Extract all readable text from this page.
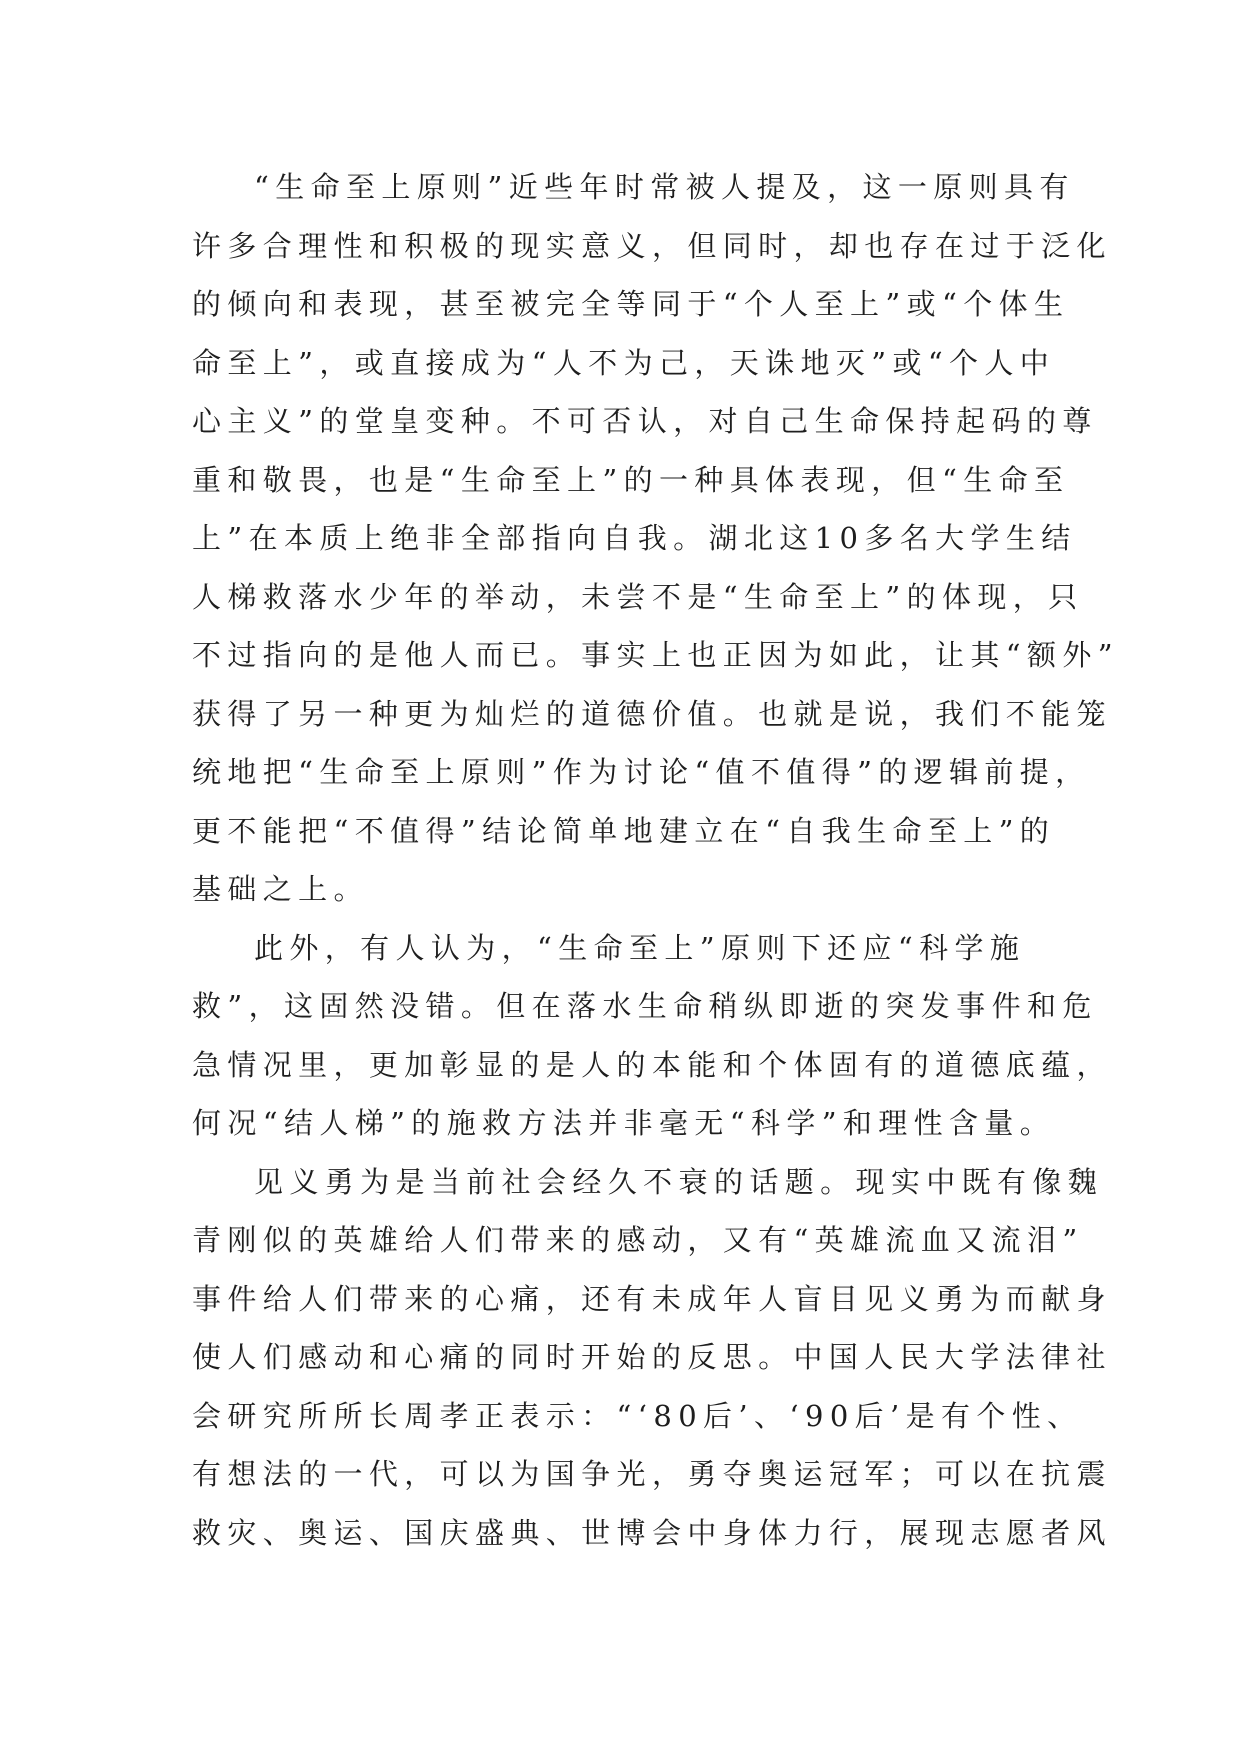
“生命至上原则”近些年时常被人提及，这一原则具有
许多合理性和积极的现实意义，但同时，却也存在过于泛化
的倾向和表现，甚至被完全等同于“个人至上”或“个体生
命至上”，或直接成为“人不为己，天诛地灭”或“个人中
心主义”的堂皇变种。不可否认，对自己生命保持起码的尊
重和敬畏，也是“生命至上”的一种具体表现，但“生命至
上”在本质上绝非全部指向自我。湖北这10多名大学生结
人梯救落水少年的举动，未尝不是“生命至上”的体现，只
不过指向的是他人而已。事实上也正因为如此，让其“额外”
获得了另一种更为灿烂的道德价值。也就是说，我们不能笼
统地把“生命至上原则”作为讨论“值不值得”的逻辑前提，
更不能把“不值得”结论简单地建立在“自我生命至上”的
基础之上。
此外，有人认为，“生命至上”原则下还应“科学施
救”，这固然没错。但在落水生命稍纵即逝的突发事件和危
急情况里，更加彰显的是人的本能和个体固有的道德底蕴，
何况“结人梯”的施救方法并非毫无“科学”和理性含量。
见义勇为是当前社会经久不衰的话题。现实中既有像魏
青刚似的英雄给人们带来的感动，又有“英雄流血又流泪”
事件给人们带来的心痛，还有未成年人盲目见义勇为而献身
使人们感动和心痛的同时开始的反思。中国人民大学法律社
会研究所所长周孝正表示：“‘80后’、‘90后’是有个性、
有想法的一代，可以为国争光，勇夺奥运冠军；可以在抗震
救灾、奥运、国庆盛典、世博会中身体力行，展现志愿者风
